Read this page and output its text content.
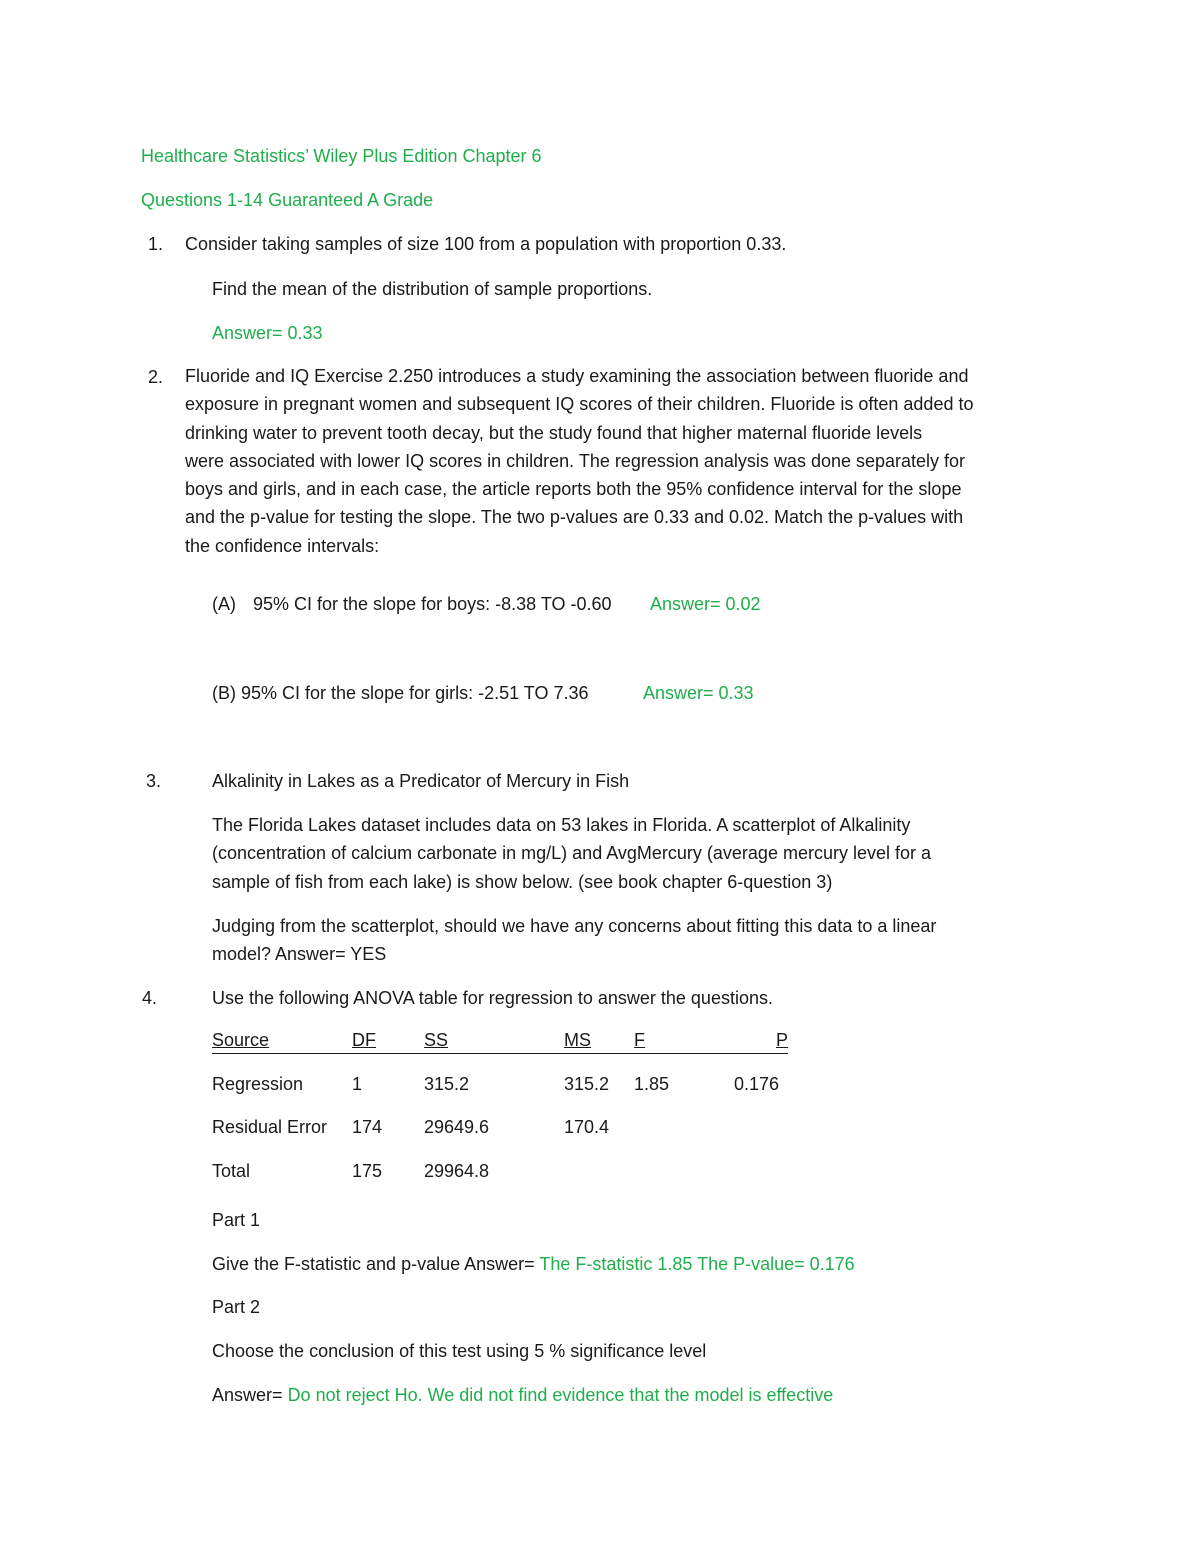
Healthcare Statistics’ Wiley Plus Edition Chapter 6
Questions 1-14 Guaranteed A Grade
1. Consider taking samples of size 100 from a population with proportion 0.33.
Find the mean of the distribution of sample proportions.
Answer= 0.33
2. Fluoride and IQ Exercise 2.250 introduces a study examining the association between fluoride and
exposure in pregnant women and subsequent IQ scores of their children. Fluoride is often added to
drinking water to prevent tooth decay, but the study found that higher maternal fluoride levels
were associated with lower IQ scores in children. The regression analysis was done separately for
boys and girls, and in each case, the article reports both the 95% confidence interval for the slope
and the p-value for testing the slope. The two p-values are 0.33 and 0.02. Match the p-values with
the confidence intervals:
(A) 95% CI for the slope for boys: -8.38 TO -0.60 Answer= 0.02
(B) 95% CI for the slope for girls: -2.51 TO 7.36	Answer= 0.33
3.	Alkalinity in Lakes as a Predicator of Mercury in Fish
The Florida Lakes dataset includes data on 53 lakes in Florida. A scatterplot of Alkalinity
(concentration of calcium carbonate in mg/L) and AvgMercury (average mercury level for a
sample of fish from each lake) is show below. (see book chapter 6-question 3)
Judging from the scatterplot, should we have any concerns about fitting this data to a linear
model? Answer= YES
4.	Use the following ANOVA table for regression to answer the questions.
Source	DF	SS	MS F	P
Regression	1	315.2	315.2 1.85	0.176
Residual Error 174 29649.6	170.4
Total	175 29964.8
Part 1
Give the F-statistic and p-value Answer= The F-statistic 1.85 The P-value= 0.176
Part 2
Choose the conclusion of this test using 5 % significance level
Answer= Do not reject Ho. We did not find evidence that the model is effective
